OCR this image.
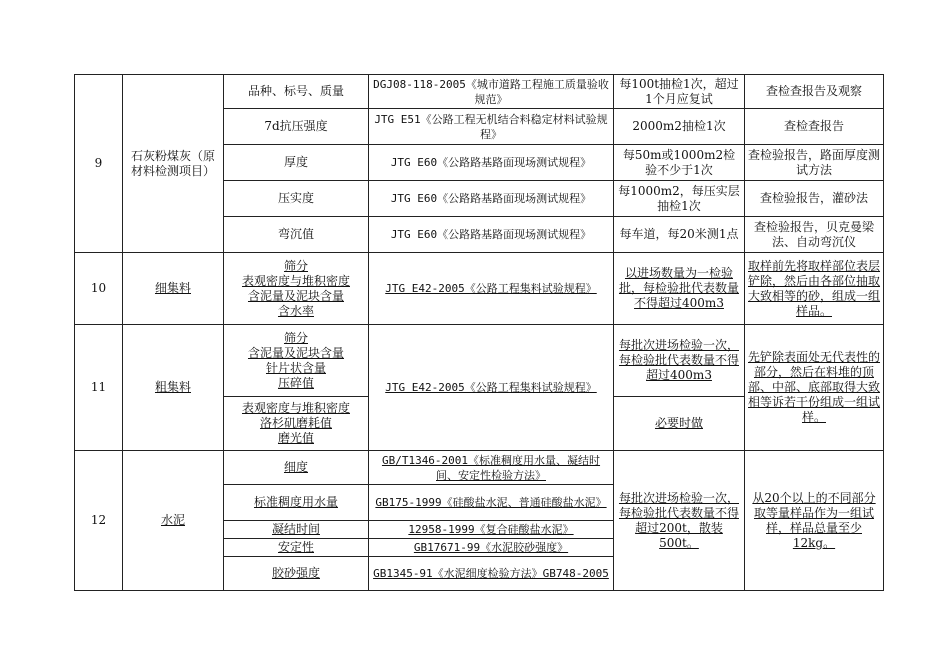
9	石灰粉煤灰（原材料检测项目）	品种、标号、质量	DGJ08-118-2005《城市道路工程施工质量验收规范》	每100t抽检1次，超过1个月应复试	查检查报告及观察
		7d抗压强度	JTG E51《公路工程无机结合料稳定材料试验规程》	2000m2抽检1次	查检查报告
		厚度	JTG E60《公路路基路面现场测试规程》	每50m或1000m2检验不少于1次	查检验报告，路面厚度测试方法
		压实度	JTG E60《公路路基路面现场测试规程》	每1000m2，每压实层抽检1次	查检验报告，灌砂法
		弯沉值	JTG E60《公路路基路面现场测试规程》	每车道，每20米测1点	查检验报告，贝克曼梁法、自动弯沉仪
10	细集料	筛分
表观密度与堆积密度
含泥量及泥块含量
含水率	JTG E42-2005《公路工程集料试验规程》	以进场数量为一检验批，每检验批代表数量不得超过400m3	取样前先将取样部位表层铲除，然后由各部位抽取大致相等的砂，组成一组样品。
11	粗集料	筛分
含泥量及泥块含量
针片状含量
压碎值	JTG E42-2005《公路工程集料试验规程》	每批次进场检验一次，每检验批代表数量不得超过400m3	先铲除表面处无代表性的部分，然后在料堆的顶部、中部、底部取得大致相等诉若干份组成一组试样。

		表观密度与堆积密度
洛杉矶磨耗值
磨光值		必要时做	
12	水泥	细度	GB/T1346-2001《标准稠度用水量、凝结时间、安定性检验方法》	每批次进场检验一次，每检验批代表数量不得超过200t，散装500t。	从20个以上的不同部分取等量样品作为一组试样，样品总量至少12kg。
		标准稠度用水量	GB175-1999《硅酸盐水泥、普通硅酸盐水泥》		
		凝结时间	12958-1999《复合硅酸盐水泥》		
		安定性	GB17671-99《水泥胶砂强度》		
		胶砂强度	GB1345-91《水泥细度检验方法》GB748-2005		
